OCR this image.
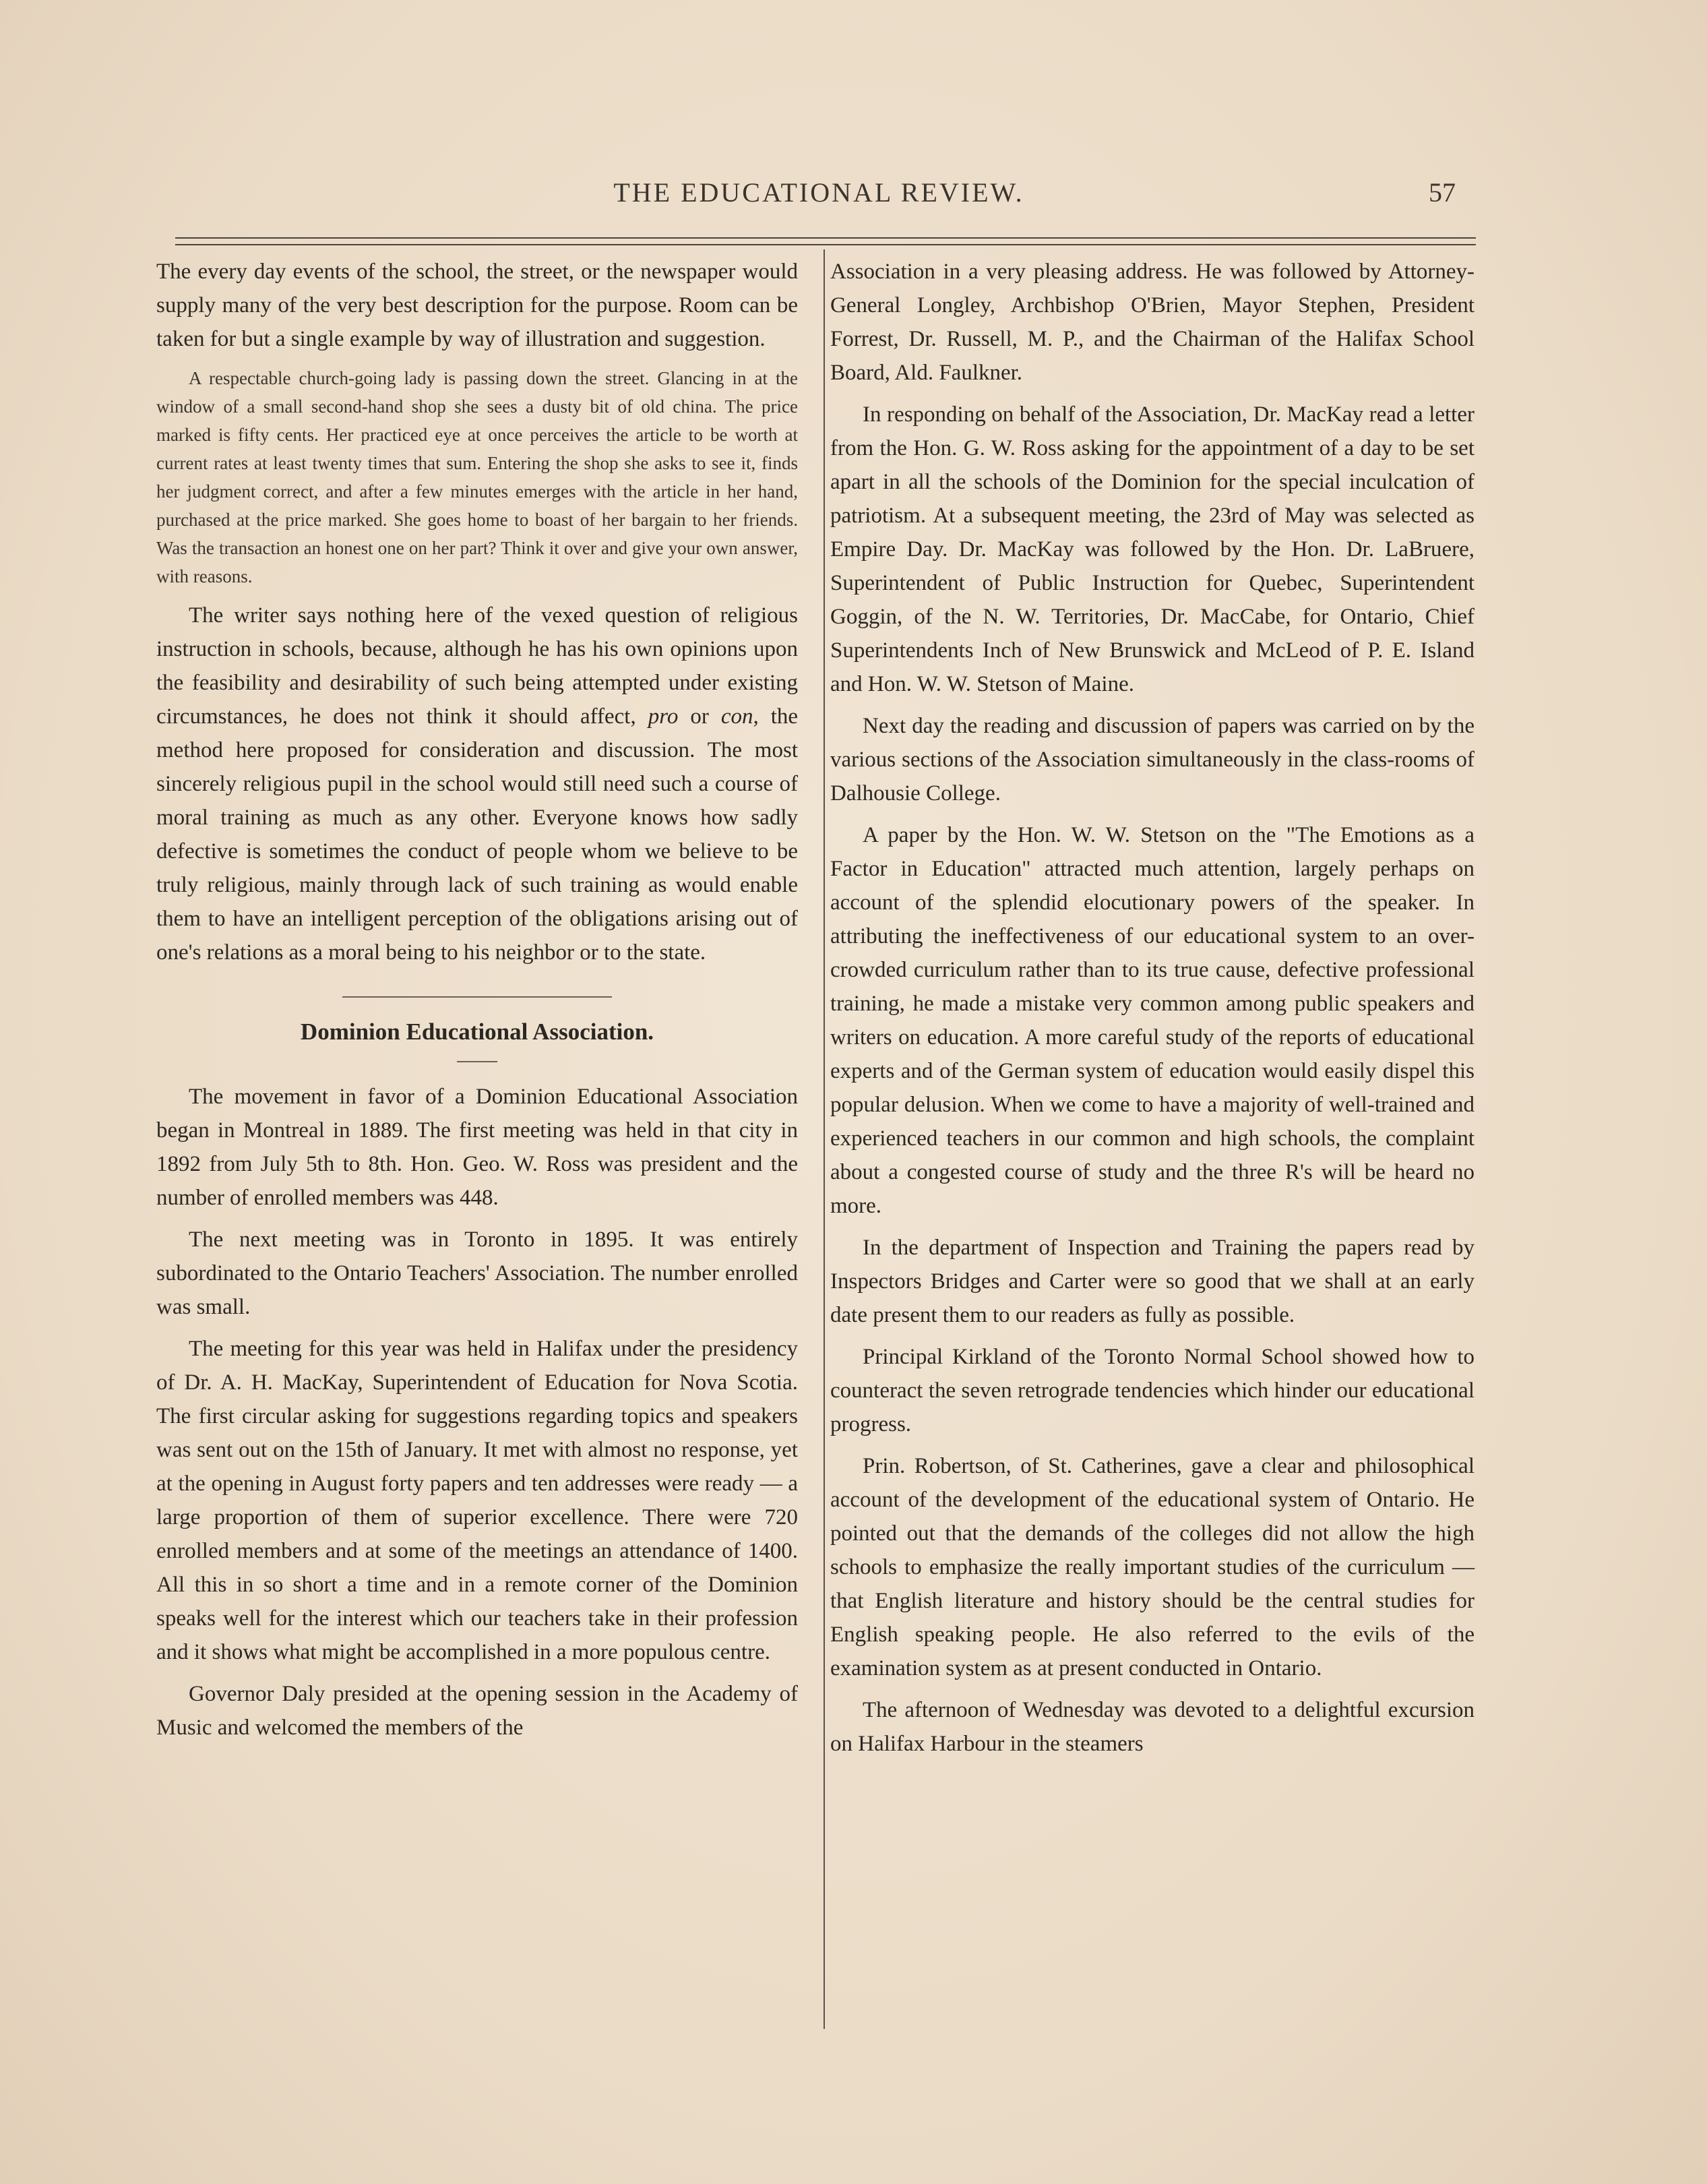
THE EDUCATIONAL REVIEW.	57

The every day events of the school, the street, or the newspaper would supply many of the very best description for the purpose. Room can be taken for but a single example by way of illustration and suggestion.

A respectable church-going lady is passing down the street. Glancing in at the window of a small second-hand shop she sees a dusty bit of old china. The price marked is fifty cents. Her practiced eye at once perceives the article to be worth at current rates at least twenty times that sum. Entering the shop she asks to see it, finds her judgment correct, and after a few minutes emerges with the article in her hand, purchased at the price marked. She goes home to boast of her bargain to her friends. Was the transaction an honest one on her part? Think it over and give your own answer, with reasons.

The writer says nothing here of the vexed question of religious instruction in schools, because, although he has his own opinions upon the feasibility and desirability of such being attempted under existing circumstances, he does not think it should affect, pro or con, the method here proposed for consideration and discussion. The most sincerely religious pupil in the school would still need such a course of moral training as much as any other. Everyone knows how sadly defective is sometimes the conduct of people whom we believe to be truly religious, mainly through lack of such training as would enable them to have an intelligent perception of the obligations arising out of one's relations as a moral being to his neighbor or to the state.

Dominion Educational Association.

The movement in favor of a Dominion Educational Association began in Montreal in 1889. The first meeting was held in that city in 1892 from July 5th to 8th. Hon. Geo. W. Ross was president and the number of enrolled members was 448.

The next meeting was in Toronto in 1895. It was entirely subordinated to the Ontario Teachers' Association. The number enrolled was small.

The meeting for this year was held in Halifax under the presidency of Dr. A. H. MacKay, Superintendent of Education for Nova Scotia. The first circular asking for suggestions regarding topics and speakers was sent out on the 15th of January. It met with almost no response, yet at the opening in August forty papers and ten addresses were ready — a large proportion of them of superior excellence. There were 720 enrolled members and at some of the meetings an attendance of 1400. All this in so short a time and in a remote corner of the Dominion speaks well for the interest which our teachers take in their profession and it shows what might be accomplished in a more populous centre.

Governor Daly presided at the opening session in the Academy of Music and welcomed the members of the

Association in a very pleasing address. He was followed by Attorney-General Longley, Archbishop O'Brien, Mayor Stephen, President Forrest, Dr. Russell, M. P., and the Chairman of the Halifax School Board, Ald. Faulkner.

In responding on behalf of the Association, Dr. MacKay read a letter from the Hon. G. W. Ross asking for the appointment of a day to be set apart in all the schools of the Dominion for the special inculcation of patriotism. At a subsequent meeting, the 23rd of May was selected as Empire Day. Dr. MacKay was followed by the Hon. Dr. LaBruere, Superintendent of Public Instruction for Quebec, Superintendent Goggin, of the N. W. Territories, Dr. MacCabe, for Ontario, Chief Superintendents Inch of New Brunswick and McLeod of P. E. Island and Hon. W. W. Stetson of Maine.

Next day the reading and discussion of papers was carried on by the various sections of the Association simultaneously in the class-rooms of Dalhousie College.

A paper by the Hon. W. W. Stetson on the "The Emotions as a Factor in Education" attracted much attention, largely perhaps on account of the splendid elocutionary powers of the speaker. In attributing the ineffectiveness of our educational system to an over-crowded curriculum rather than to its true cause, defective professional training, he made a mistake very common among public speakers and writers on education. A more careful study of the reports of educational experts and of the German system of education would easily dispel this popular delusion. When we come to have a majority of well-trained and experienced teachers in our common and high schools, the complaint about a congested course of study and the three R's will be heard no more.

In the department of Inspection and Training the papers read by Inspectors Bridges and Carter were so good that we shall at an early date present them to our readers as fully as possible.

Principal Kirkland of the Toronto Normal School showed how to counteract the seven retrograde tendencies which hinder our educational progress.

Prin. Robertson, of St. Catherines, gave a clear and philosophical account of the development of the educational system of Ontario. He pointed out that the demands of the colleges did not allow the high schools to emphasize the really important studies of the curriculum — that English literature and history should be the central studies for English speaking people. He also referred to the evils of the examination system as at present conducted in Ontario.

The afternoon of Wednesday was devoted to a delightful excursion on Halifax Harbour in the steamers
